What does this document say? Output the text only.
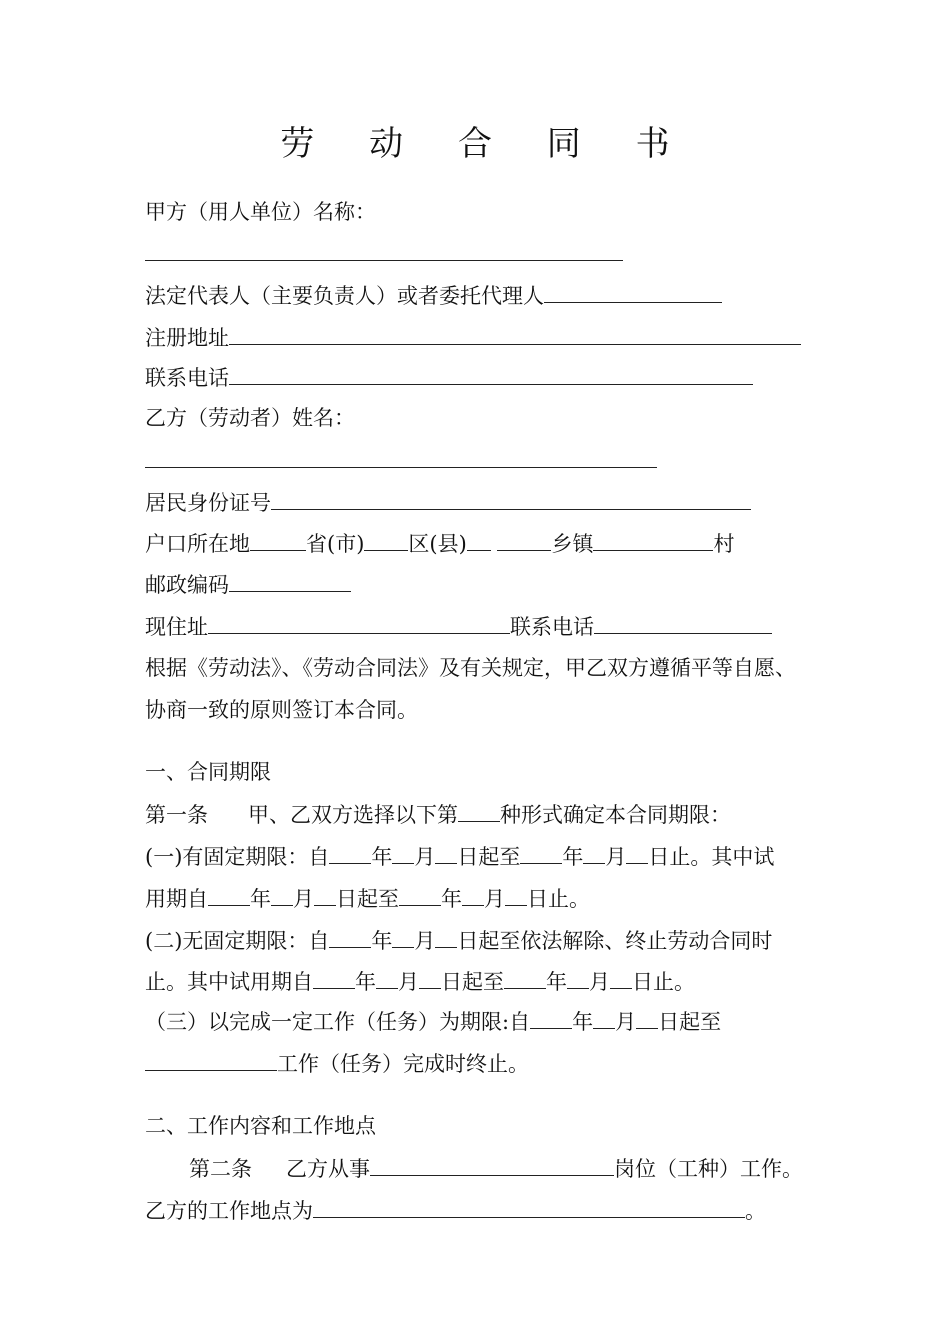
劳 动 合 同 书
甲方（用人单位）名称：
法定代表人（主要负责人）或者委托代理人
注册地址
联系电话
乙方（劳动者）姓名：
居民身份证号
户口所在地	省(市) 区(县)	乡镇	村
邮政编码
现住址	联系电话
根据《劳动法》、《劳动合同法》及有关规定，甲乙双方遵循平等自愿、
协商一致的原则签订本合同。
一、合同期限
第一条 甲、乙双方选择以下第 种形式确定本合同期限：
(一)有固定期限：自 年 月 日起至 年 月 日止。其中试
用期自 年 月 日起至 年 月 日止。
(二)无固定期限：自 年 月 日起至依法解除、终止劳动合同时
止。其中试用期自 年 月 日起至 年 月 日止。
（三）以完成一定工作（任务）为期限:自 年 月 日起至
工作（任务）完成时终止。
二、工作内容和工作地点
第二条 乙方从事	岗位（工种）工作。
乙方的工作地点为	。
